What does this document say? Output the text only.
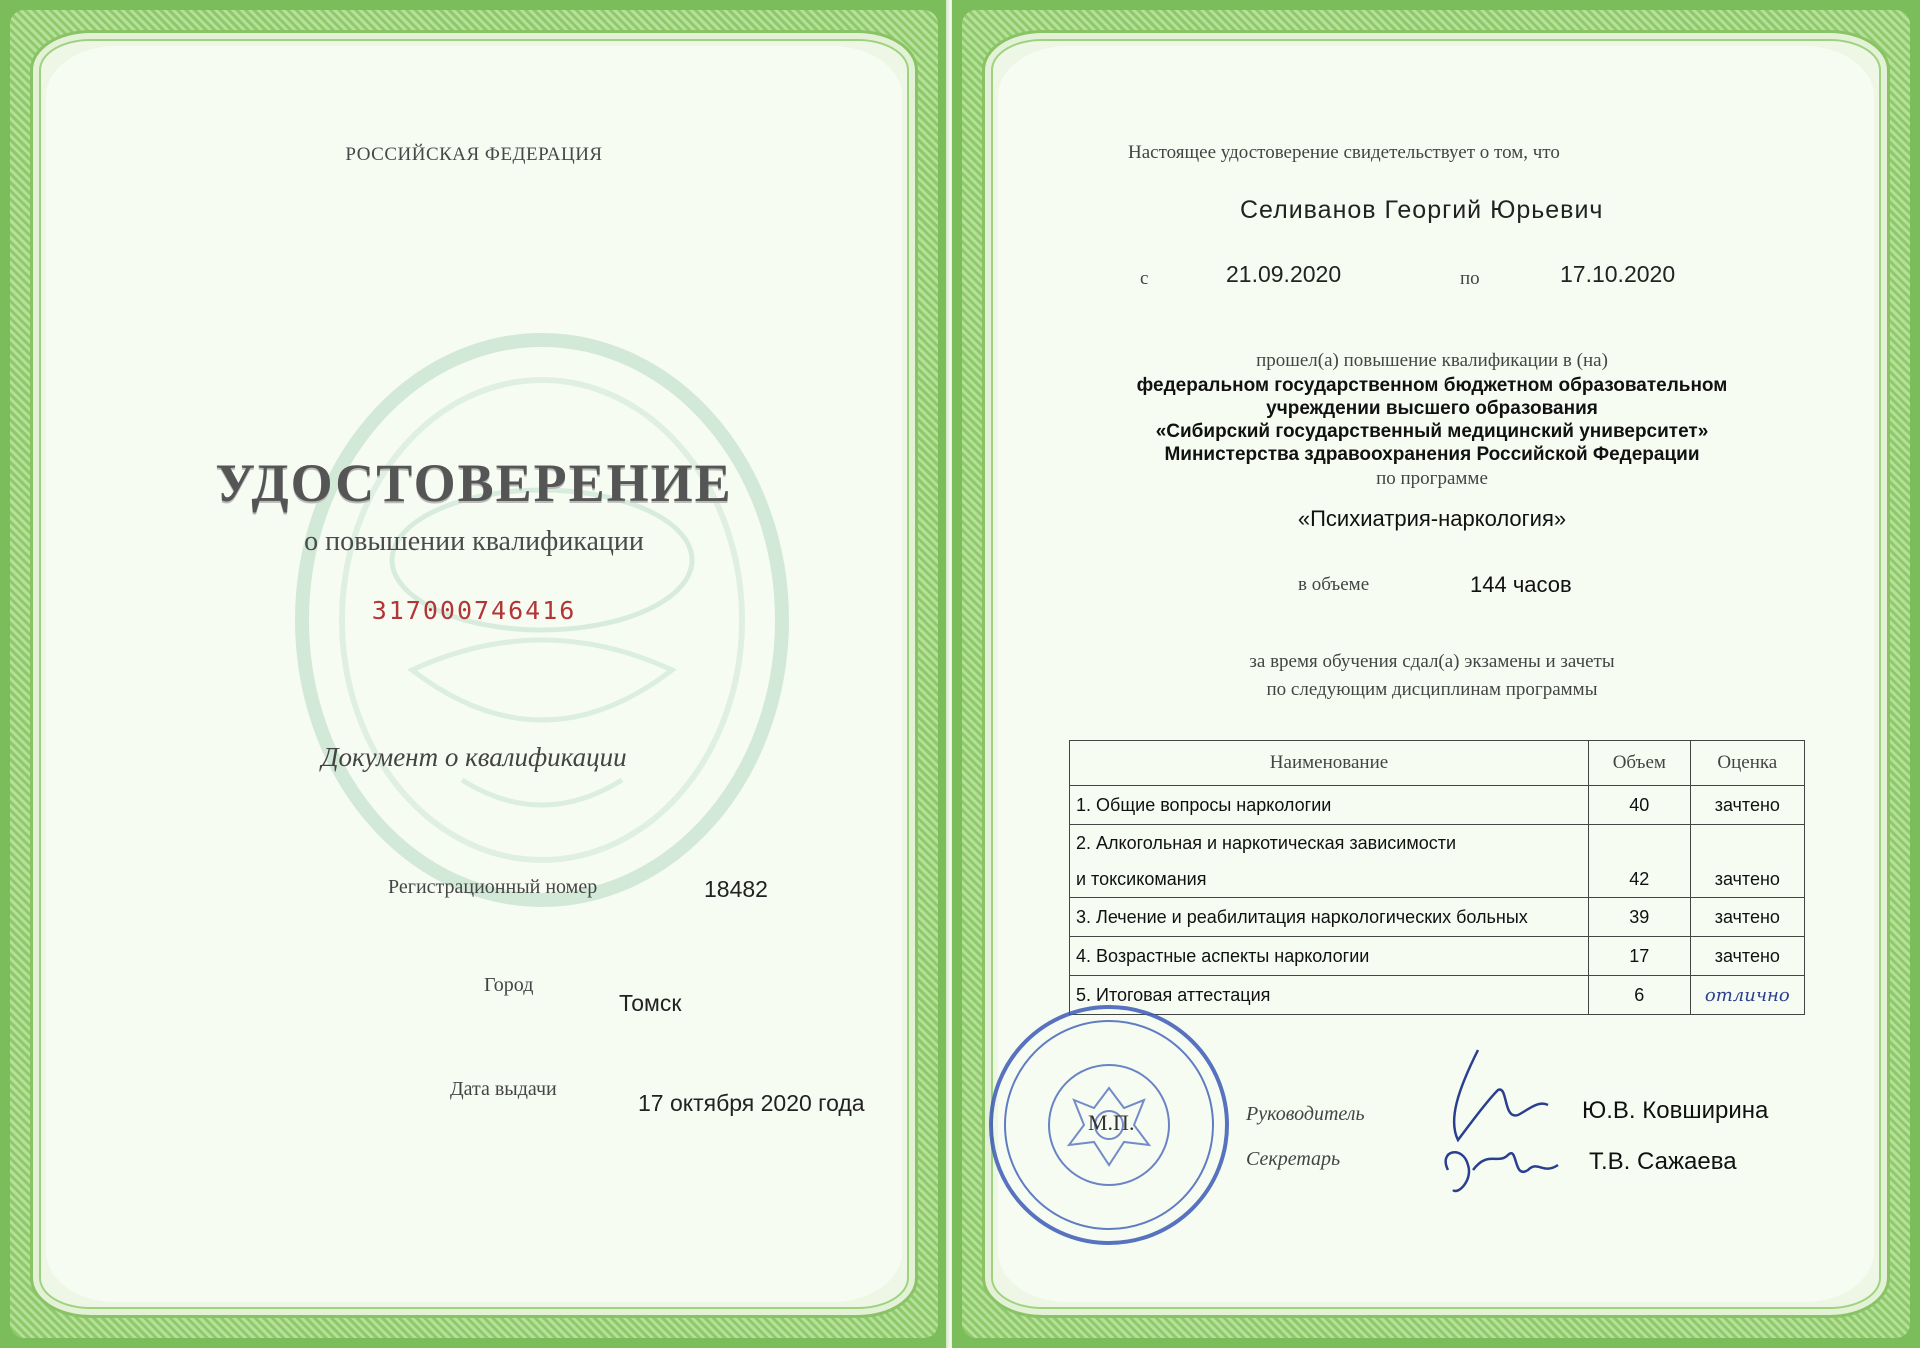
РОССИЙСКАЯ ФЕДЕРАЦИЯ
УДОСТОВЕРЕНИЕ
о повышении квалификации
317000746416
Документ о квалификации
Регистрационный номер	18482
Город
Томск
Дата выдачи
17 октября 2020 года
Настоящее удостоверение свидетельствует о том, что
Селиванов Георгий Юрьевич
с	21.09.2020	по	17.10.2020
прошел(а) повышение квалификации в (на)
федеральном государственном бюджетном образовательном
учреждении высшего образования
«Сибирский государственный медицинский университет»
Министерства здравоохранения Российской Федерации
по программе
«Психиатрия-наркология»
в объеме	144 часов
за время обучения сдал(а) экзамены и зачеты
по следующим дисциплинам программы
Наименование	Объем	Оценка
1. Общие вопросы наркологии	40	зачтено
2. Алкогольная и наркотическая зависимости		
и токсикомания	42	зачтено
3. Лечение и реабилитация наркологических больных	39	зачтено
4. Возрастные аспекты наркологии	17	зачтено
5. Итоговая аттестация	6	отлично
М.П.	Руководитель	Ю.В. Ковширина
Секретарь	Т.В. Сажаева
